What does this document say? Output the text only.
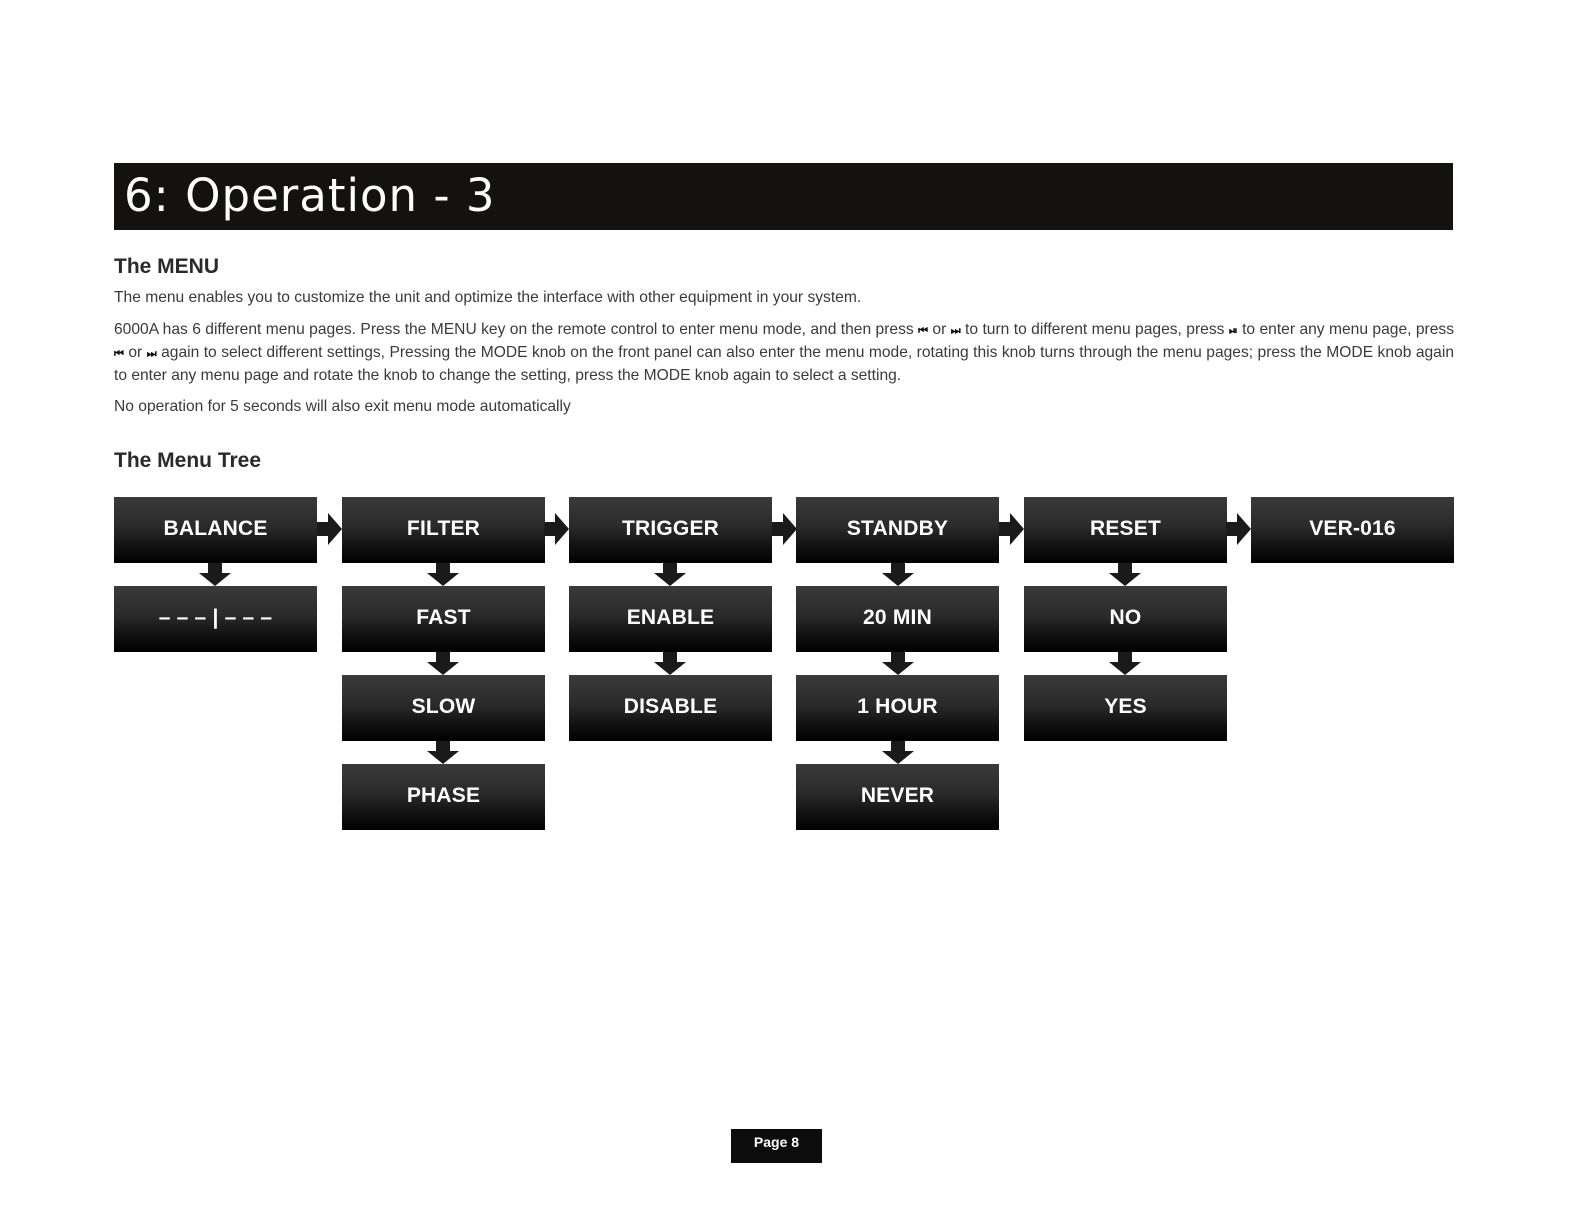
6: Operation - 3
The MENU

The menu enables you to customize the unit and optimize the interface with other equipment in your system.

6000A has 6 different menu pages. Press the MENU key on the remote control to enter menu mode, and then press ⏮ or ⏭ to turn to different menu pages, press ⏯ to enter any menu page, press ⏮ or ⏭ again to select different settings, Pressing the MODE knob on the front panel can also enter the menu mode, rotating this knob turns through the menu pages; press the MODE knob again to enter any menu page and rotate the knob to change the setting, press the MODE knob again to select a setting.

No operation for 5 seconds will also exit menu mode automatically

The Menu Tree
BALANCE
– – – | – – –
FILTER
FAST
SLOW
PHASE
TRIGGER
ENABLE
DISABLE
STANDBY
20 MIN
1 HOUR
NEVER
RESET
NO
YES
VER-016
Page 8
